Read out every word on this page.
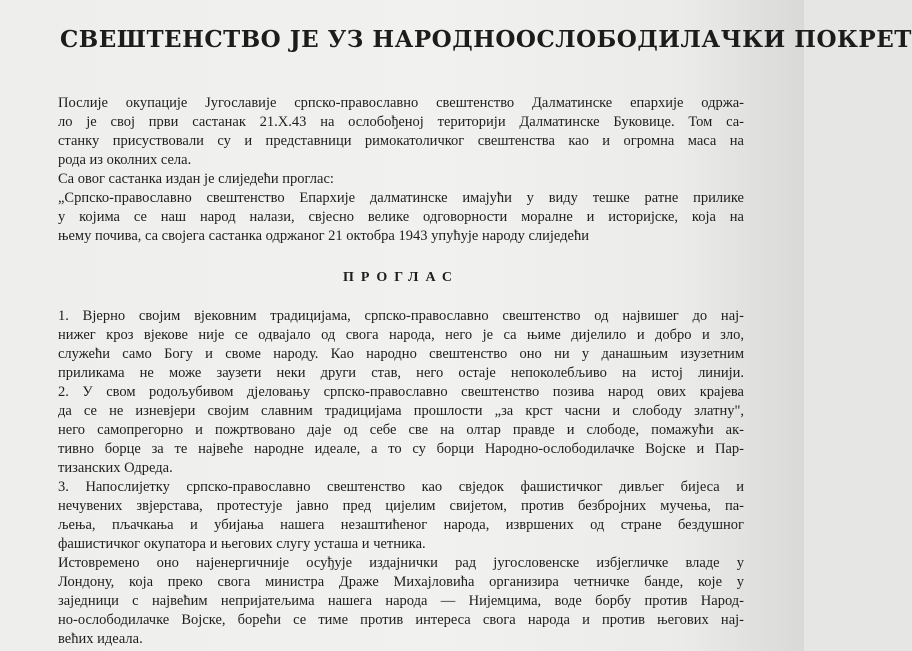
СВЕШТЕНСТВО ЈЕ УЗ НАРОДНООСЛОБОДИЛАЧКИ ПОКРЕТ

Послије окупације Југославије српско-православно свештенство Далматинске епархије одржа-
ло је свој први састанак 21.Х.43 на ослобођеној територији Далматинске Буковице. Том са-
станку присуствовали су и представници римокатоличког свештенства као и огромна маса на
рода из околних села.

Са овог састанка издан је слиједећи проглас:

„Српско-православно свештенство Епархије далматинске имајући у виду тешке ратне прилике
у којима се наш народ налази, свјесно велике одговорности моралне и историјске, која на
њему почива, са својега састанка одржаног 21 октобра 1943 упућује народу слиједећи

ПРОГЛАС

1. Вјерно својим вјековним традицијама, српско-православно свештенство од највишег до нај-
нижег кроз вјекове није се одвајало од свога народа, него је са њиме дијелило и добро и зло,
служећи само Богу и своме народу. Као народно свештенство оно ни у данашњим изузетним
приликама не може заузети неки други став, него остаје непоколебљиво на истој линији.

2. У свом родољубивом дјеловању српско-православно свештенство позива народ ових крајева
да се не изневјери својим славним традицијама прошлости „за крст часни и слободу златну",
него самопрегорно и пожртвовано даје од себе све на олтар правде и слободе, помажући ак-
тивно борце за те највеће народне идеале, а то су борци Народно-ослободилачке Војске и Пар-
тизанских Одреда.

3. Напослијетку српско-православно свештенство као свједок фашистичког дивљег бијеса и
нечувених звјерстава, протестује јавно пред цијелим свијетом, против безбројних мучења, па-
љења, пљачкања и убијања нашега незаштићеног народа, извршених од стране бездушног
фашистичког окупатора и његових слугу усташа и четника.

Истовремено оно најенергичније осуђује издајнички рад југословенске избјегличке владе у
Лондону, која преко свога министра Драже Михајловића организира четничке банде, које у
заједници с највећим непријатељима нашега народа — Нијемцима, воде борбу против Народ-
но-ослободилачке Војске, борећи се тиме против интереса свога народа и против његових нај-
већих идеала.
